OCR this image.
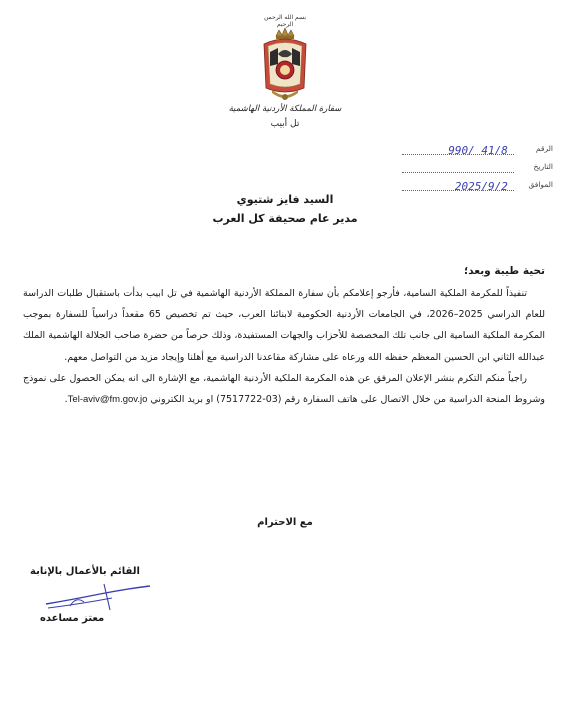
بسم الله الرحمن الرحيم
سفارة المملكة الأردنية الهاشمية
تل أبيب
الرقم
990/ 41/8
التاريخ
الموافق
2025/9/2
السيد فايز شتيوي
مدير عام صحيفة كل العرب
تحية طيبة وبعد؛

تنفيذاً للمكرمة الملكية السامية، فأرجو إعلامكم بأن سفارة المملكة الأردنية الهاشمية في تل ابيب بدأت باستقبال طلبات الدراسة للعام الدراسي 2025–2026، في الجامعات الأردنية الحكومية لابنائنا العرب، حيث تم تخصيص 65 مقعداً دراسياً للسفارة بموجب المكرمة الملكية السامية الى جانب تلك المخصصة للأحزاب والجهات المستفيدة، وذلك حرصاً من حضرة صاحب الجلالة الهاشمية الملك عبدالله الثاني ابن الحسين المعظم حفظه الله ورعاه على مشاركة مقاعدنا الدراسية مع أهلنا وإيجاد مزيد من التواصل معهم.

راجياً منكم التكرم بنشر الإعلان المرفق عن هذه المكرمة الملكية الأردنية الهاشمية، مع الإشارة الى انه يمكن الحصول على نموذج وشروط المنحة الدراسية من خلال الاتصال على هاتف السفارة رقم (03-7517722) او بريد الكتروني Tel-aviv@fm.gov.jo.

مع الاحترام
القائم بالأعمال بالإنابة
معتز مساعده
